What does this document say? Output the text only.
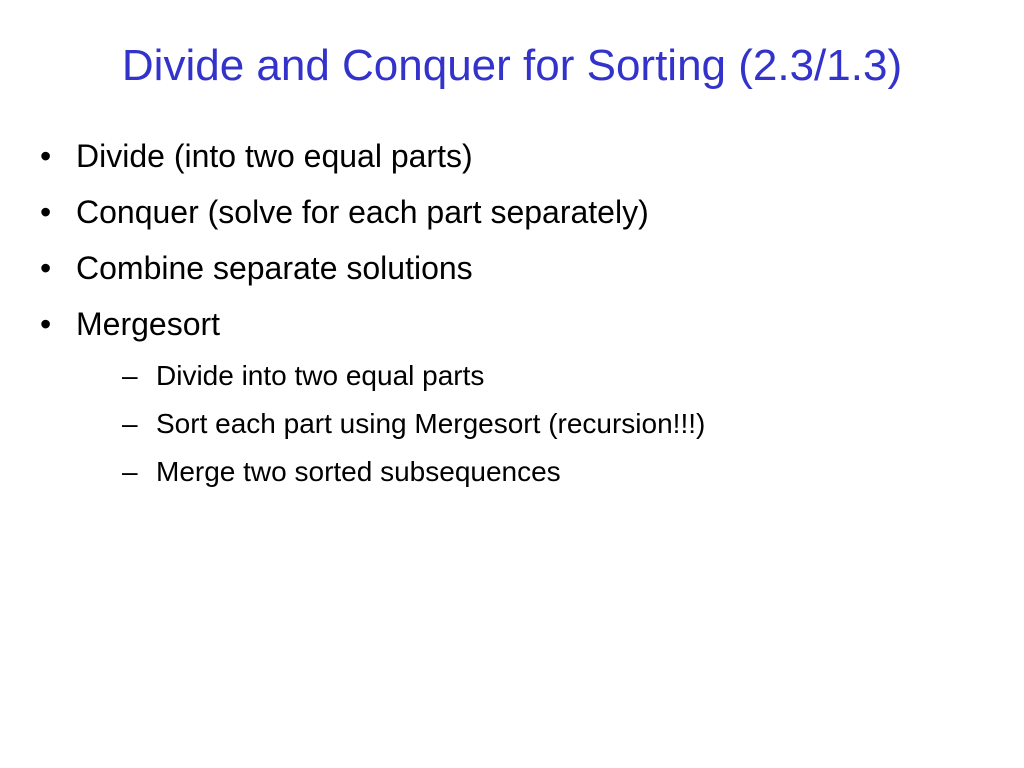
Divide and Conquer for Sorting (2.3/1.3)
• Divide (into two equal parts)
• Conquer (solve for each part separately)
• Combine separate solutions
• Mergesort
– Divide into two equal parts
– Sort each part using Mergesort (recursion!!!)
– Merge two sorted subsequences
